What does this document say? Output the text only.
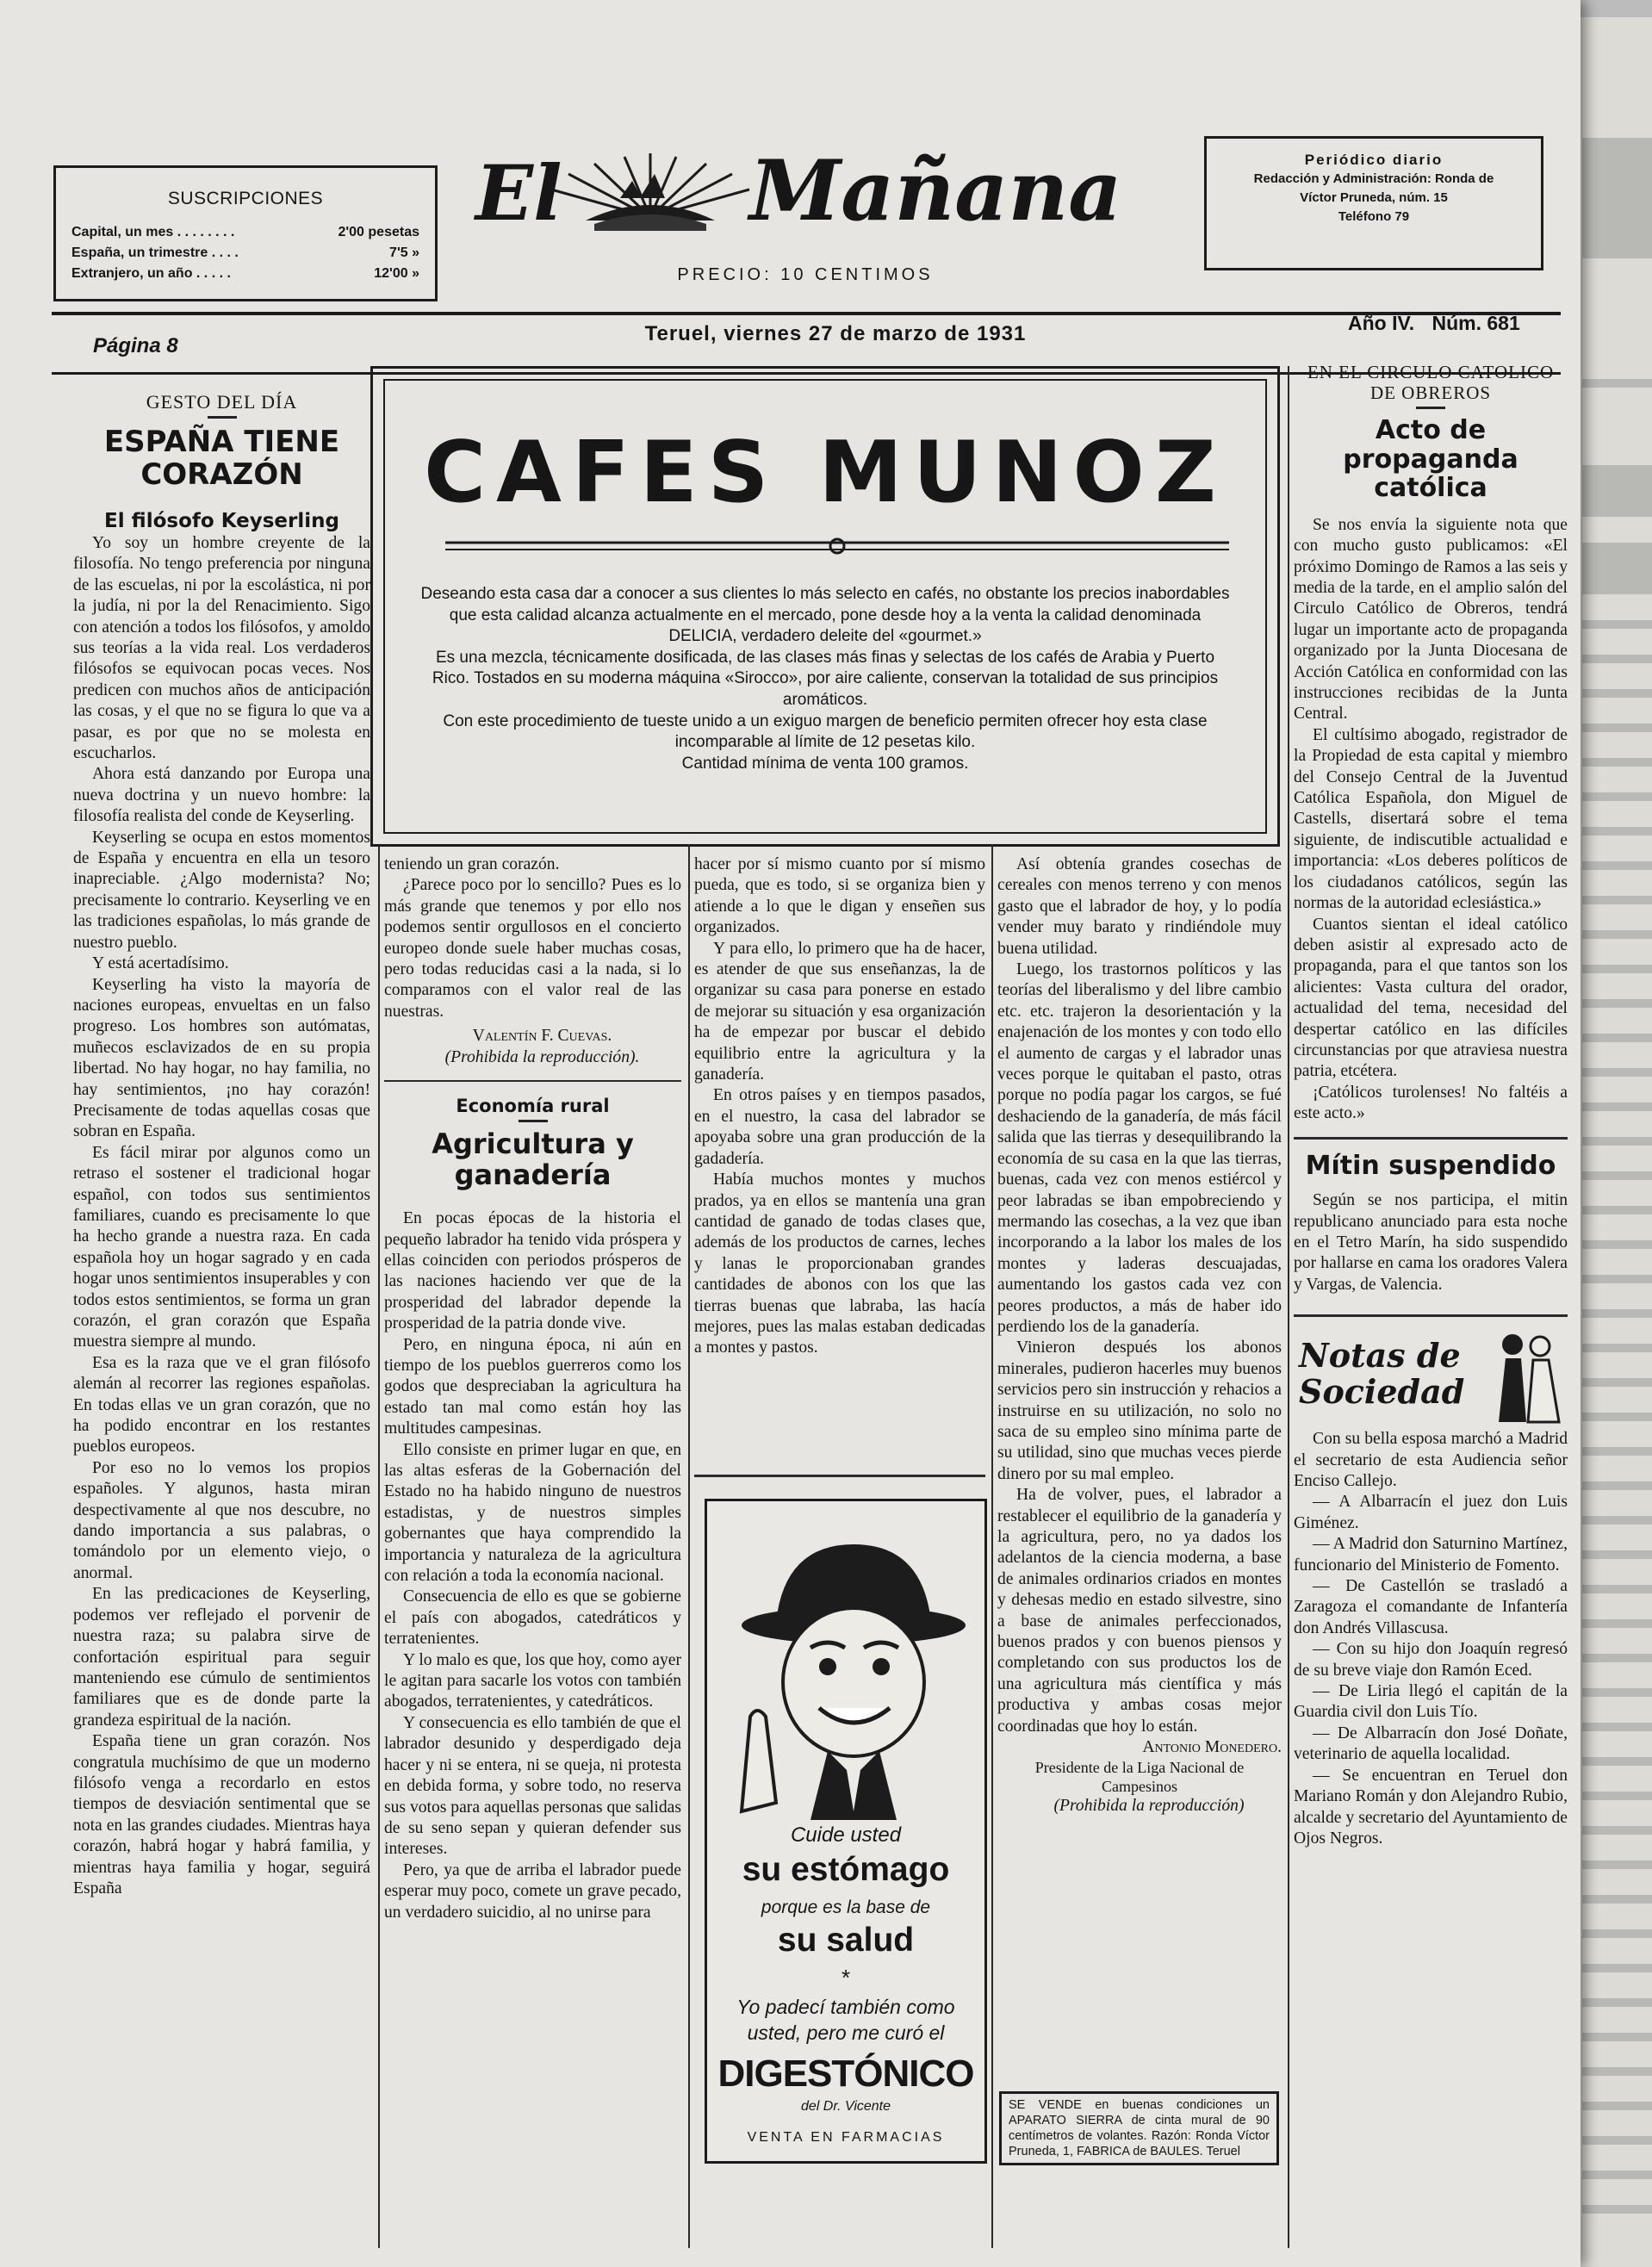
SUSCRIPCIONES
Capital, un mes . . . . . . . .	2'00 pesetas
España, un trimestre . . . .	7'5 »
Extranjero, un año . . . . .	12'00 »
El Mañana
PRECIO: 10 CENTIMOS
Periódico diario
Redacción y Administración: Ronda de
Víctor Pruneda, núm. 15
Teléfono 79
Página 8
Teruel, viernes 27 de marzo de 1931	Año IV. Núm. 681
GESTO DEL DÍA
ESPAÑA TIENE CORAZÓN
El filósofo Keyserling

Yo soy un hombre creyente de la filosofía. No tengo preferencia por ninguna de las escuelas, ni por la escolástica, ni por la judía, ni por la del Renacimiento. Sigo con atención a todos los filósofos, y amoldo sus teorías a la vida real. Los verdaderos filósofos se equivocan pocas veces. Nos predicen con muchos años de anticipación las cosas, y el que no se figura lo que va a pasar, es por que no se molesta en escucharlos.

Ahora está danzando por Europa una nueva doctrina y un nuevo hombre: la filosofía realista del conde de Keyserling.

Keyserling se ocupa en estos momentos de España y encuentra en ella un tesoro inapreciable. ¿Algo modernista? No; precisamente lo contrario. Keyserling ve en las tradiciones españolas, lo más grande de nuestro pueblo.

Y está acertadísimo.

Keyserling ha visto la mayoría de naciones europeas, envueltas en un falso progreso. Los hombres son autómatas, muñecos esclavizados de en su propia libertad. No hay hogar, no hay familia, no hay sentimientos, ¡no hay corazón! Precisamente de todas aquellas cosas que sobran en España.

Es fácil mirar por algunos como un retraso el sostener el tradicional hogar español, con todos sus sentimientos familiares, cuando es precisamente lo que ha hecho grande a nuestra raza. En cada española hoy un hogar sagrado y en cada hogar unos sentimientos insuperables y con todos estos sentimientos, se forma un gran corazón, el gran corazón que España muestra siempre al mundo.

Esa es la raza que ve el gran filósofo alemán al recorrer las regiones españolas. En todas ellas ve un gran corazón, que no ha podido encontrar en los restantes pueblos europeos.

Por eso no lo vemos los propios españoles. Y algunos, hasta miran despectivamente al que nos descubre, no dando importancia a sus palabras, o tomándolo por un elemento viejo, o anormal.

En las predicaciones de Keyserling, podemos ver reflejado el porvenir de nuestra raza; su palabra sirve de confortación espiritual para seguir manteniendo ese cúmulo de sentimientos familiares que es de donde parte la grandeza espiritual de la nación.

España tiene un gran corazón. Nos congratula muchísimo de que un moderno filósofo venga a recordarlo en estos tiempos de desviación sentimental que se nota en las grandes ciudades. Mientras haya corazón, habrá hogar y habrá familia, y mientras haya familia y hogar, seguirá España

CAFES MUNOZ
Deseando esta casa dar a conocer a sus clientes lo más selecto en cafés, no obstante los precios inabordables que esta calidad alcanza actualmente en el mercado, pone desde hoy a la venta la calidad denominada DELICIA, verdadero deleite del «gourmet.»
Es una mezcla, técnicamente dosificada, de las clases más finas y selectas de los cafés de Arabia y Puerto Rico. Tostados en su moderna máquina «Sirocco», por aire caliente, conservan la totalidad de sus principios aromáticos.
Con este procedimiento de tueste unido a un exiguo margen de beneficio permiten ofrecer hoy esta clase incomparable al límite de 12 pesetas kilo.
Cantidad mínima de venta 100 gramos.

teniendo un gran corazón.

¿Parece poco por lo sencillo? Pues es lo más grande que tenemos y por ello nos podemos sentir orgullosos en el concierto europeo donde suele haber muchas cosas, pero todas reducidas casi a la nada, si lo comparamos con el valor real de las nuestras.

Valentín F. Cuevas.

(Prohibida la reproducción).

Economía rural
Agricultura y ganadería

En pocas épocas de la historia el pequeño labrador ha tenido vida próspera y ellas coinciden con periodos prósperos de las naciones haciendo ver que de la prosperidad del labrador depende la prosperidad de la patria donde vive.

Pero, en ninguna época, ni aún en tiempo de los pueblos guerreros como los godos que despreciaban la agricultura ha estado tan mal como están hoy las multitudes campesinas.

Ello consiste en primer lugar en que, en las altas esferas de la Gobernación del Estado no ha habido ninguno de nuestros estadistas, y de nuestros simples gobernantes que haya comprendido la importancia y naturaleza de la agricultura con relación a toda la economía nacional.

Consecuencia de ello es que se gobierne el país con abogados, catedráticos y terratenientes.

Y lo malo es que, los que hoy, como ayer le agitan para sacarle los votos con también abogados, terratenientes, y catedráticos.

Y consecuencia es ello también de que el labrador desunido y desperdigado deja hacer y ni se entera, ni se queja, ni protesta en debida forma, y sobre todo, no reserva sus votos para aquellas personas que salidas de su seno sepan y quieran defender sus intereses.

Pero, ya que de arriba el labrador puede esperar muy poco, comete un grave pecado, un verdadero suicidio, al no unirse para

hacer por sí mismo cuanto por sí mismo pueda, que es todo, si se organiza bien y atiende a lo que le digan y enseñen sus organizados.

Y para ello, lo primero que ha de hacer, es atender de que sus enseñanzas, la de organizar su casa para ponerse en estado de mejorar su situación y esa organización ha de empezar por buscar el debido equilibrio entre la agricultura y la ganadería.

En otros países y en tiempos pasados, en el nuestro, la casa del labrador se apoyaba sobre una gran producción de la gadadería.

Había muchos montes y muchos prados, ya en ellos se mantenía una gran cantidad de ganado de todas clases que, además de los productos de carnes, leches y lanas le proporcionaban grandes cantidades de abonos con los que las tierras buenas que labraba, las hacía mejores, pues las malas estaban dedicadas a montes y pastos.

Cuide usted
su estómago
porque es la base de
su salud
*
Yo padecí también como usted, pero me curó el
DIGESTÓNICO
del Dr. Vicente
VENTA EN FARMACIAS

Así obtenía grandes cosechas de cereales con menos terreno y con menos gasto que el labrador de hoy, y lo podía vender muy barato y rindiéndole muy buena utilidad.

Luego, los trastornos políticos y las teorías del liberalismo y del libre cambio etc. etc. trajeron la desorientación y la enajenación de los montes y con todo ello el aumento de cargas y el labrador unas veces porque le quitaban el pasto, otras porque no podía pagar los cargos, se fué deshaciendo de la ganadería, de más fácil salida que las tierras y desequilibrando la economía de su casa en la que las tierras, buenas, cada vez con menos estiércol y peor labradas se iban empobreciendo y mermando las cosechas, a la vez que iban incorporando a la labor los males de los montes y laderas descuajadas, aumentando los gastos cada vez con peores productos, a más de haber ido perdiendo los de la ganadería.

Vinieron después los abonos minerales, pudieron hacerles muy buenos servicios pero sin instrucción y rehacios a instruirse en su utilización, no solo no saca de su empleo sino mínima parte de su utilidad, sino que muchas veces pierde dinero por su mal empleo.

Ha de volver, pues, el labrador a restablecer el equilibrio de la ganadería y la agricultura, pero, no ya dados los adelantos de la ciencia moderna, a base de animales ordinarios criados en montes y dehesas medio en estado silvestre, sino a base de animales perfeccionados, buenos prados y con buenos piensos y completando con sus productos los de una agricultura más científica y más productiva y ambas cosas mejor coordinadas que hoy lo están.

Antonio Monedero.

Presidente de la Liga Nacional de Campesinos

(Prohibida la reproducción)

SE VENDE en buenas condiciones un APARATO SIERRA de cinta mural de 90 centímetros de volantes. Razón: Ronda Víctor Pruneda, 1, FABRICA de BAULES. Teruel
EN EL CIRCULO CATOLICO DE OBREROS
Acto de propaganda católica

Se nos envía la siguiente nota que con mucho gusto publicamos: «El próximo Domingo de Ramos a las seis y media de la tarde, en el amplio salón del Circulo Católico de Obreros, tendrá lugar un importante acto de propaganda organizado por la Junta Diocesana de Acción Católica en conformidad con las instrucciones recibidas de la Junta Central.

El cultísimo abogado, registrador de la Propiedad de esta capital y miembro del Consejo Central de la Juventud Católica Española, don Miguel de Castells, disertará sobre el tema siguiente, de indiscutible actualidad e importancia: «Los deberes políticos de los ciudadanos católicos, según las normas de la autoridad eclesiástica.»

Cuantos sientan el ideal católico deben asistir al expresado acto de propaganda, para el que tantos son los alicientes: Vasta cultura del orador, actualidad del tema, necesidad del despertar católico en las difíciles circunstancias por que atraviesa nuestra patria, etcétera.

¡Católicos turolenses! No faltéis a este acto.»

Mítin suspendido

Según se nos participa, el mitin republicano anunciado para esta noche en el Tetro Marín, ha sido suspendido por hallarse en cama los oradores Valera y Vargas, de Valencia.

Notas de Sociedad

Con su bella esposa marchó a Madrid el secretario de esta Audiencia señor Enciso Callejo.

— A Albarracín el juez don Luis Giménez.

— A Madrid don Saturnino Martínez, funcionario del Ministerio de Fomento.

— De Castellón se trasladó a Zaragoza el comandante de Infantería don Andrés Villascusa.

— Con su hijo don Joaquín regresó de su breve viaje don Ramón Eced.

— De Liria llegó el capitán de la Guardia civil don Luis Tío.

— De Albarracín don José Doñate, veterinario de aquella localidad.

— Se encuentran en Teruel don Mariano Román y don Alejandro Rubio, alcalde y secretario del Ayuntamiento de Ojos Negros.
